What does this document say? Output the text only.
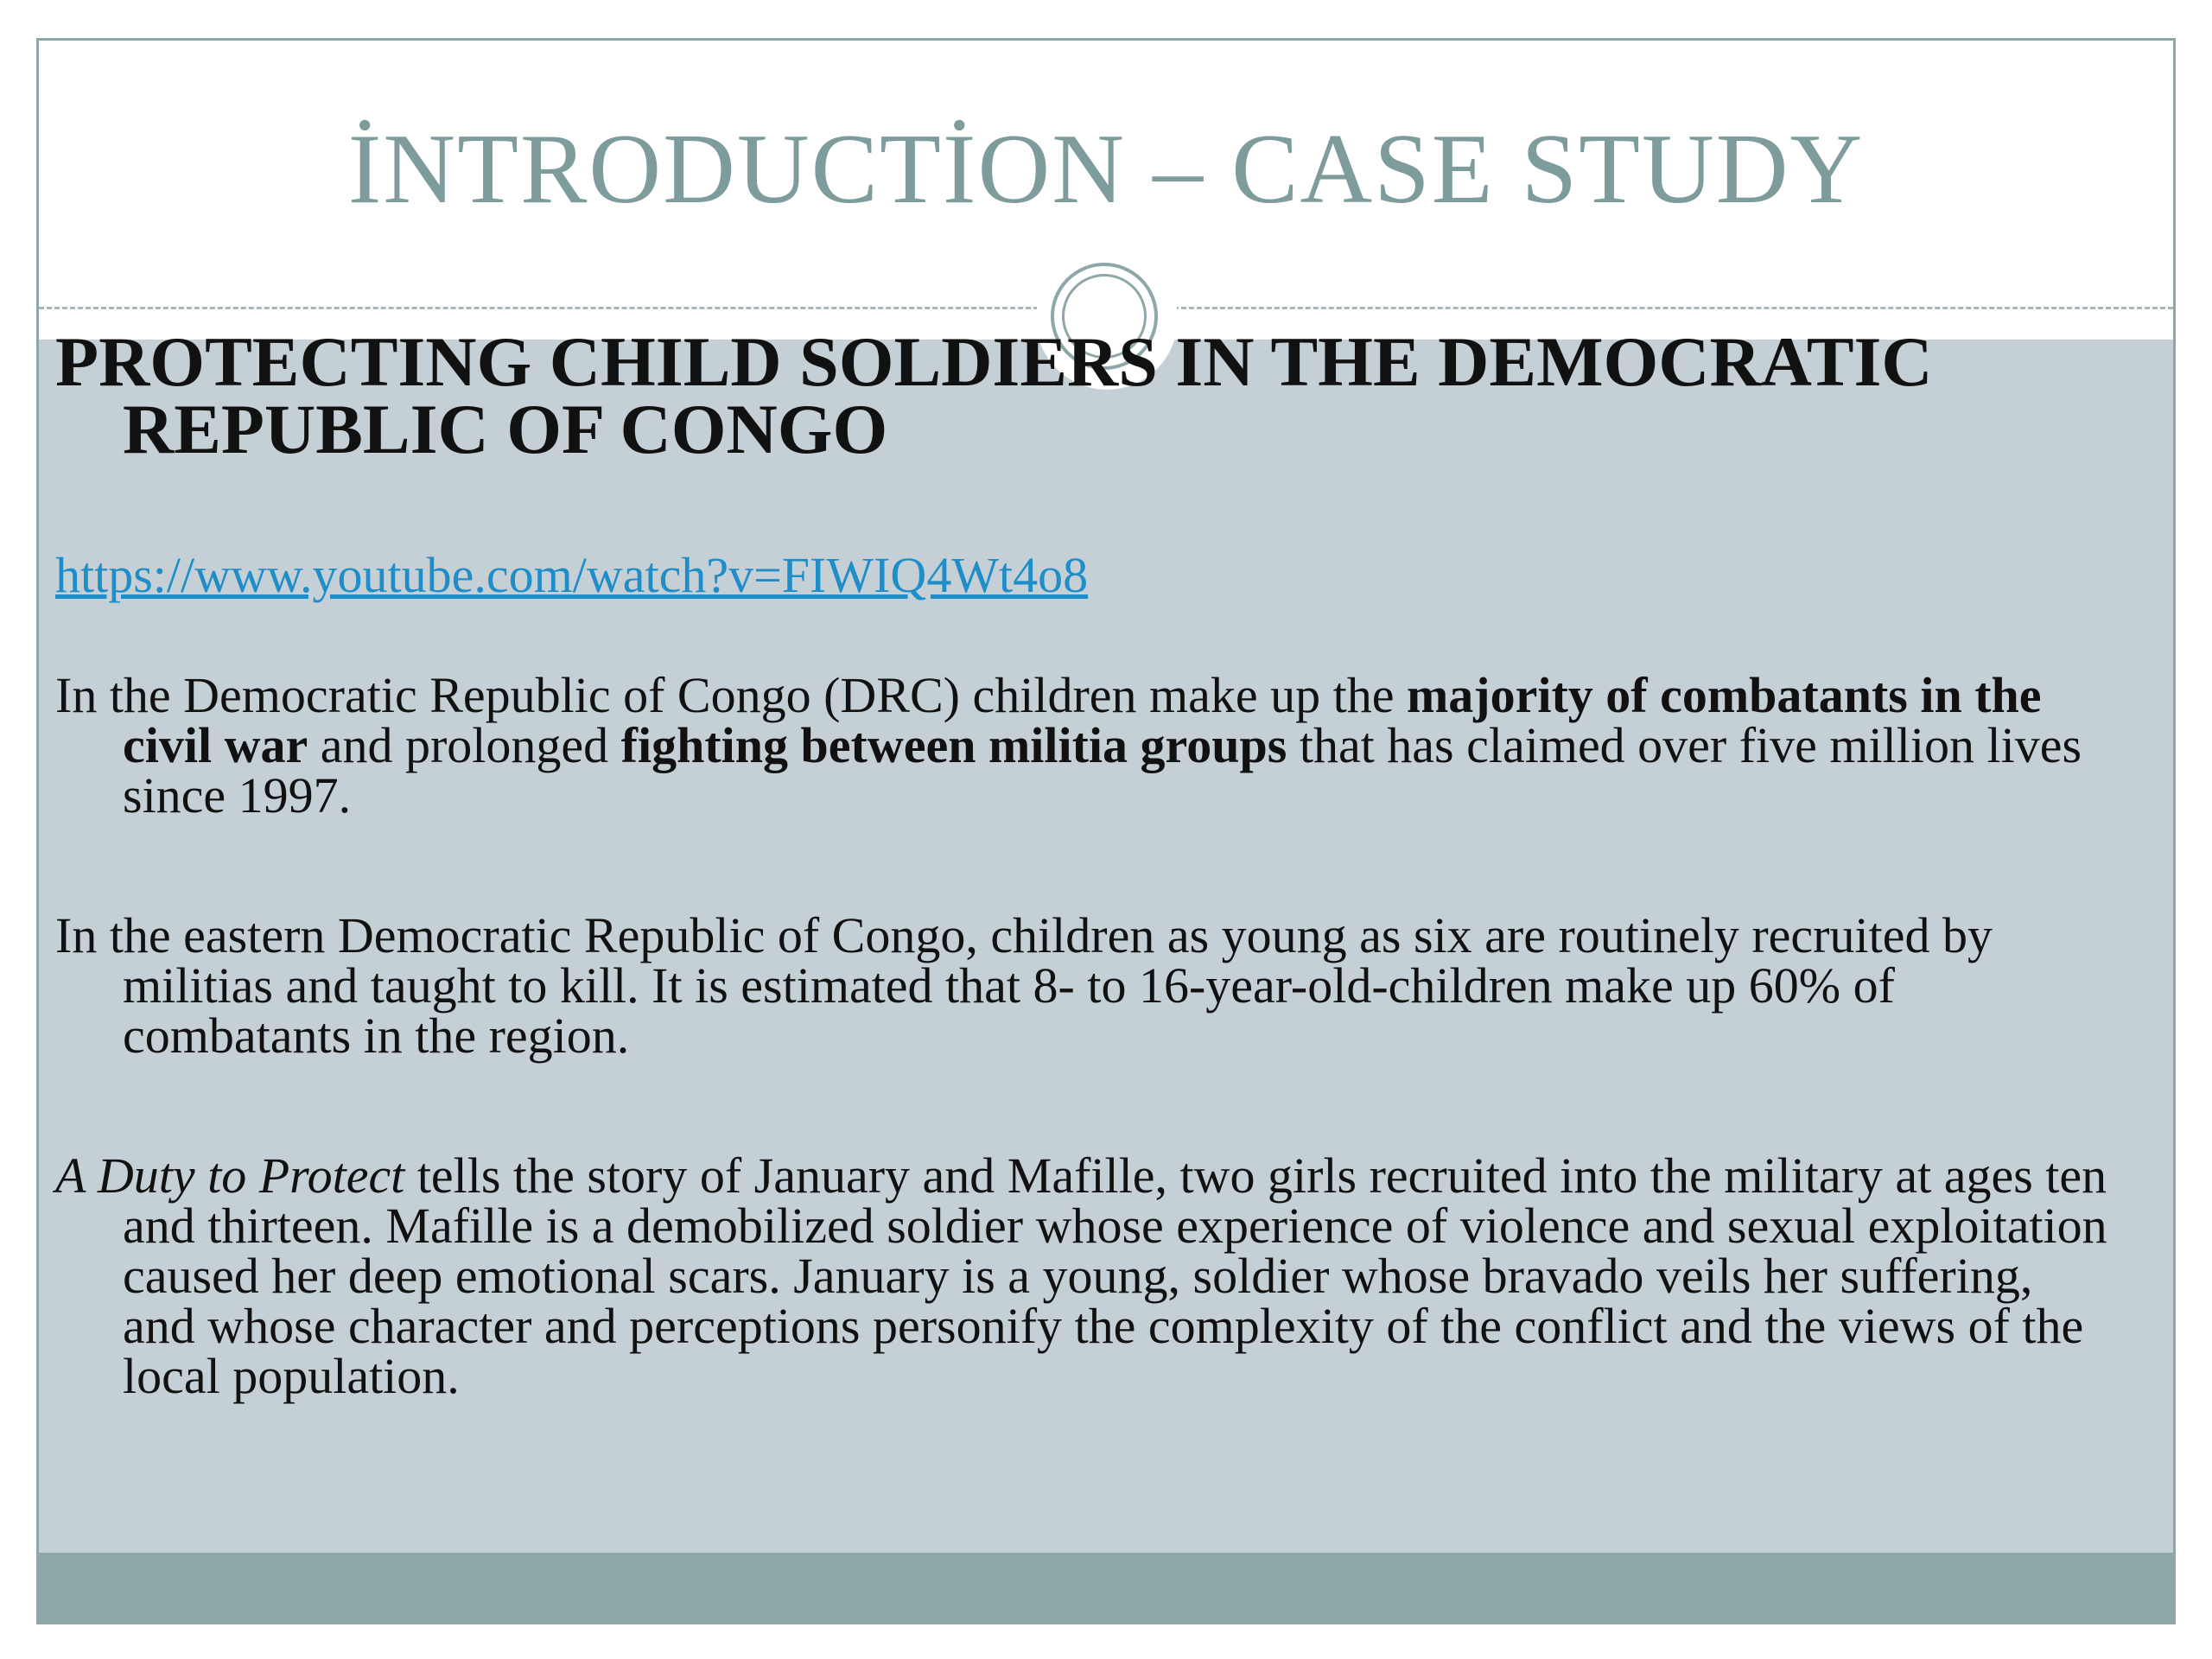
İNTRODUCTİON – CASE STUDY

PROTECTING CHILD SOLDIERS IN THE DEMOCRATIC REPUBLIC OF CONGO

https://www.youtube.com/watch?v=FIWIQ4Wt4o8

In the Democratic Republic of Congo (DRC) children make up the majority of combatants in the civil war and prolonged fighting between militia groups that has claimed over five million lives since 1997.

In the eastern Democratic Republic of Congo, children as young as six are routinely recruited by militias and taught to kill. It is estimated that 8- to 16-year-old-children make up 60% of combatants in the region.

A Duty to Protect tells the story of January and Mafille, two girls recruited into the military at ages ten and thirteen. Mafille is a demobilized soldier whose experience of violence and sexual exploitation caused her deep emotional scars. January is a young, soldier whose bravado veils her suffering, and whose character and perceptions personify the complexity of the conflict and the views of the local population.
